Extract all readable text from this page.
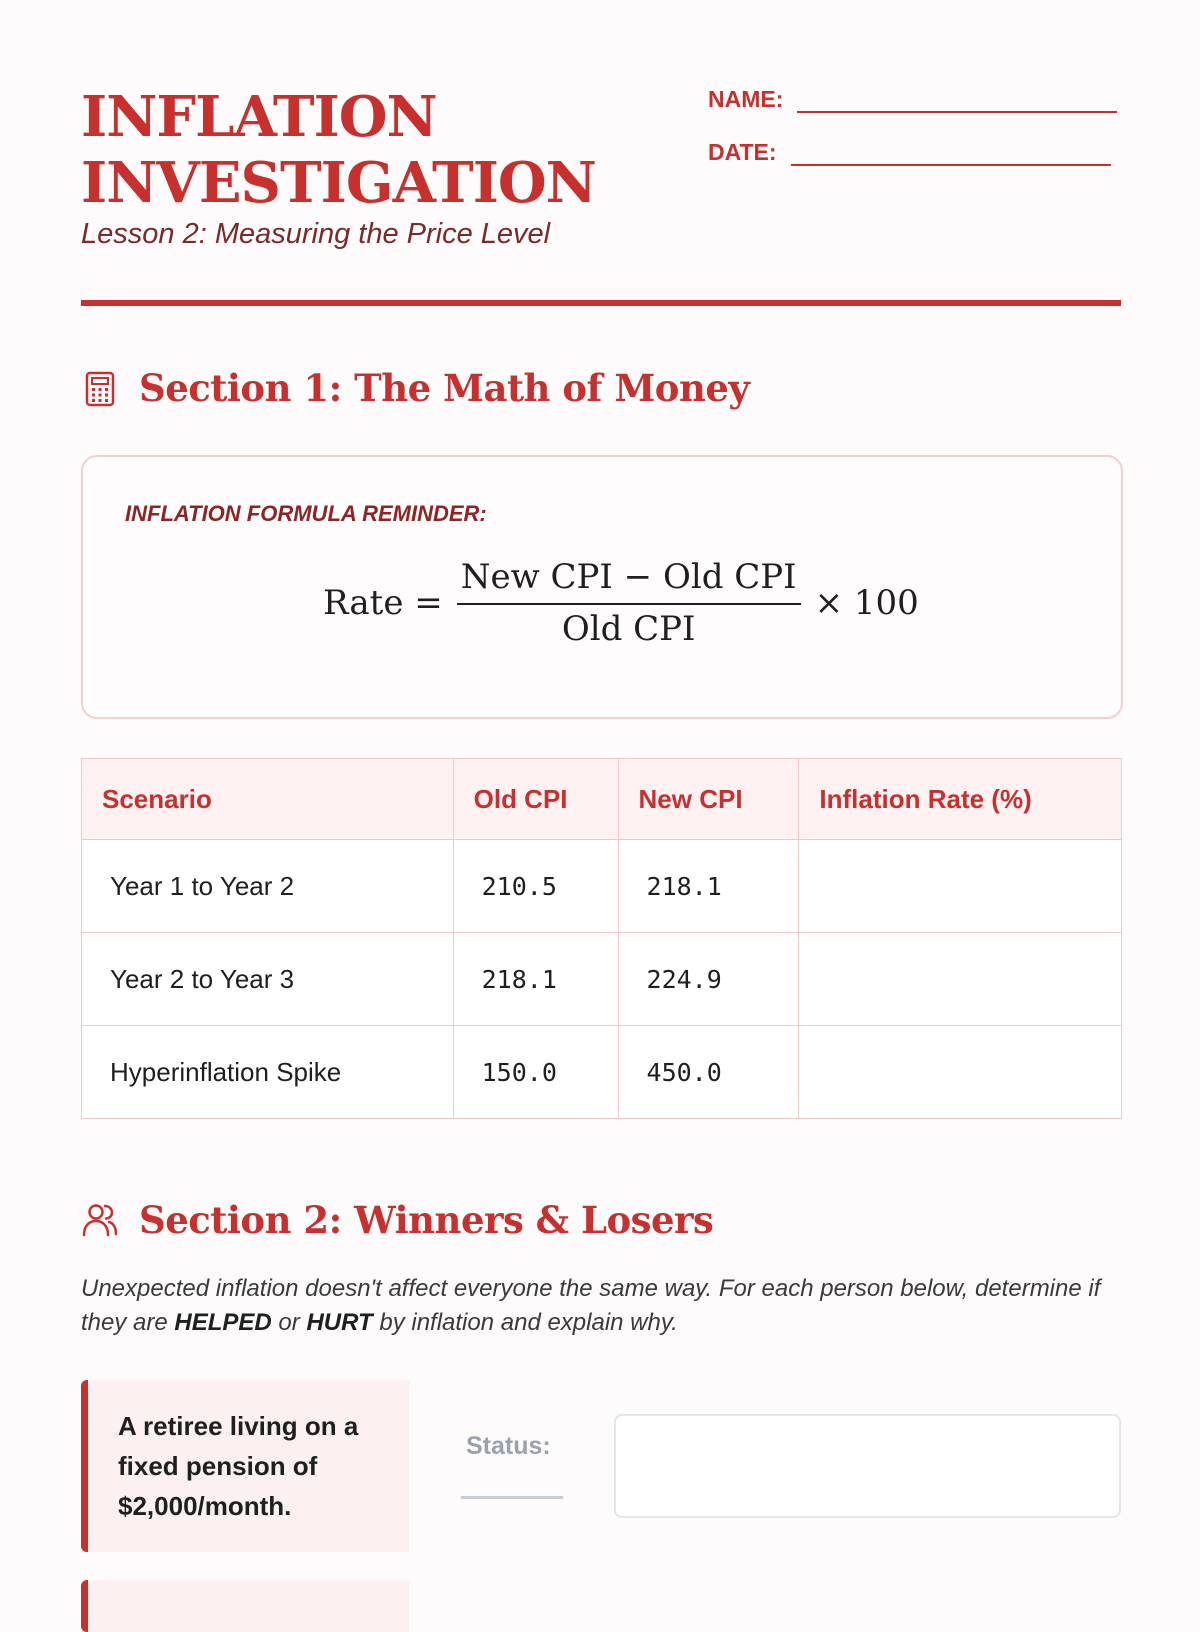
INFLATION
INVESTIGATION

Lesson 2: Measuring the Price Level

NAME:
DATE:
Section 1: The Math of Money
INFLATION FORMULA REMINDER:
Rate = $\frac{\text{New CPI − Old CPI}}{\text{Old CPI}} \times 100$
Scenario	Old CPI	New CPI	Inflation Rate (%)
Year 1 to Year 2	210.5	218.1	
Year 2 to Year 3	218.1	224.9	
Hyperinflation Spike	150.0	450.0	
Section 2: Winners & Losers

Unexpected inflation doesn't affect everyone the same way. For each person below, determine if they are HELPED or HURT by inflation and explain why.

A retiree living on a fixed pension of $2,000/month.

Status:
